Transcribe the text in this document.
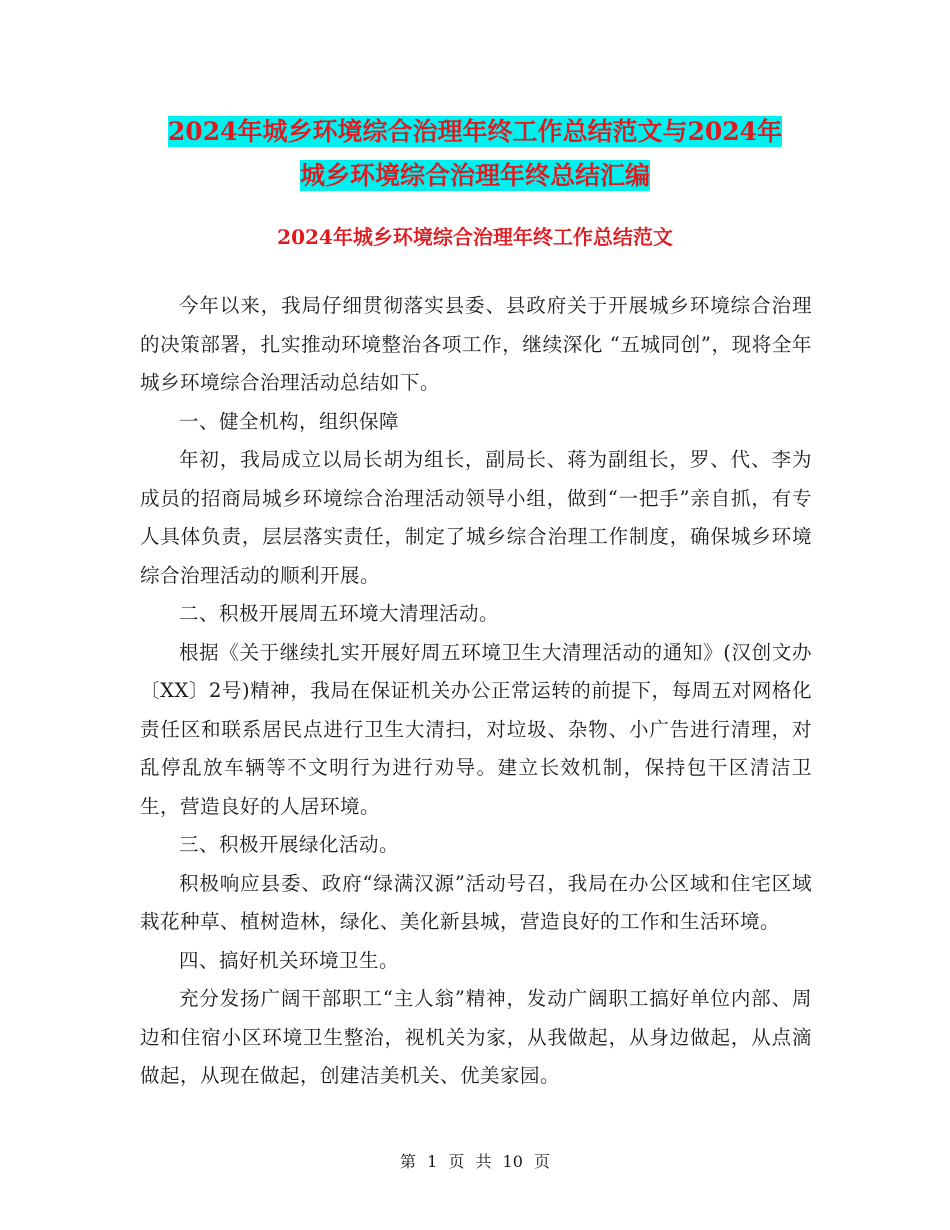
2024年城乡环境综合治理年终工作总结范文与2024年
城乡环境综合治理年终总结汇编
2024年城乡环境综合治理年终工作总结范文

今年以来，我局仔细贯彻落实县委、县政府关于开展城乡环境综合治理的决策部署，扎实推动环境整治各项工作，继续深化 “五城同创”，现将全年城乡环境综合治理活动总结如下。

一、健全机构，组织保障

年初，我局成立以局长胡为组长，副局长、蒋为副组长，罗、代、李为成员的招商局城乡环境综合治理活动领导小组，做到“一把手”亲自抓，有专人具体负责，层层落实责任，制定了城乡综合治理工作制度，确保城乡环境综合治理活动的顺利开展。

二、积极开展周五环境大清理活动。

根据《关于继续扎实开展好周五环境卫生大清理活动的通知》(汉创文办〔XX〕2号)精神，我局在保证机关办公正常运转的前提下，每周五对网格化责任区和联系居民点进行卫生大清扫，对垃圾、杂物、小广告进行清理，对乱停乱放车辆等不文明行为进行劝导。建立长效机制，保持包干区清洁卫生，营造良好的人居环境。

三、积极开展绿化活动。

积极响应县委、政府“绿满汉源”活动号召，我局在办公区域和住宅区域栽花种草、植树造林，绿化、美化新县城，营造良好的工作和生活环境。

四、搞好机关环境卫生。

充分发扬广阔干部职工“主人翁”精神，发动广阔职工搞好单位内部、周边和住宿小区环境卫生整治，视机关为家，从我做起，从身边做起，从点滴做起，从现在做起，创建洁美机关、优美家园。

第 1 页 共 10 页
